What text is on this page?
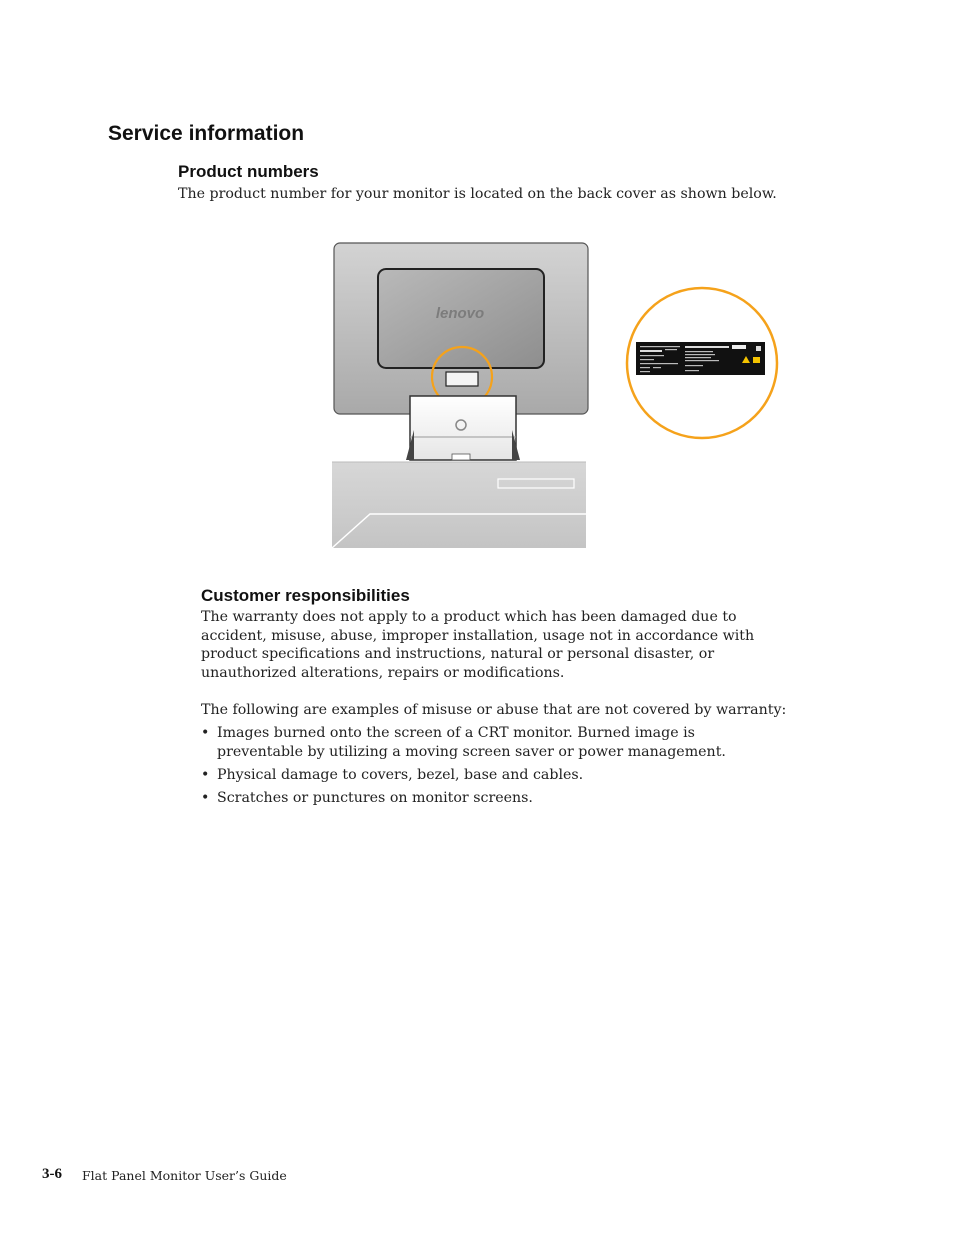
Service information
Product numbers
The product number for your monitor is located on the back cover as shown below.
lenovo
Customer responsibilities
The warranty does not apply to a product which has been damaged due to accident, misuse, abuse, improper installation, usage not in accordance with product specifications and instructions, natural or personal disaster, or unauthorized alterations, repairs or modifications.
The following are examples of misuse or abuse that are not covered by warranty:
• Images burned onto the screen of a CRT monitor. Burned image is preventable by utilizing a moving screen saver or power management.
• Physical damage to covers, bezel, base and cables.
• Scratches or punctures on monitor screens.
3-6 Flat Panel Monitor User’s Guide
